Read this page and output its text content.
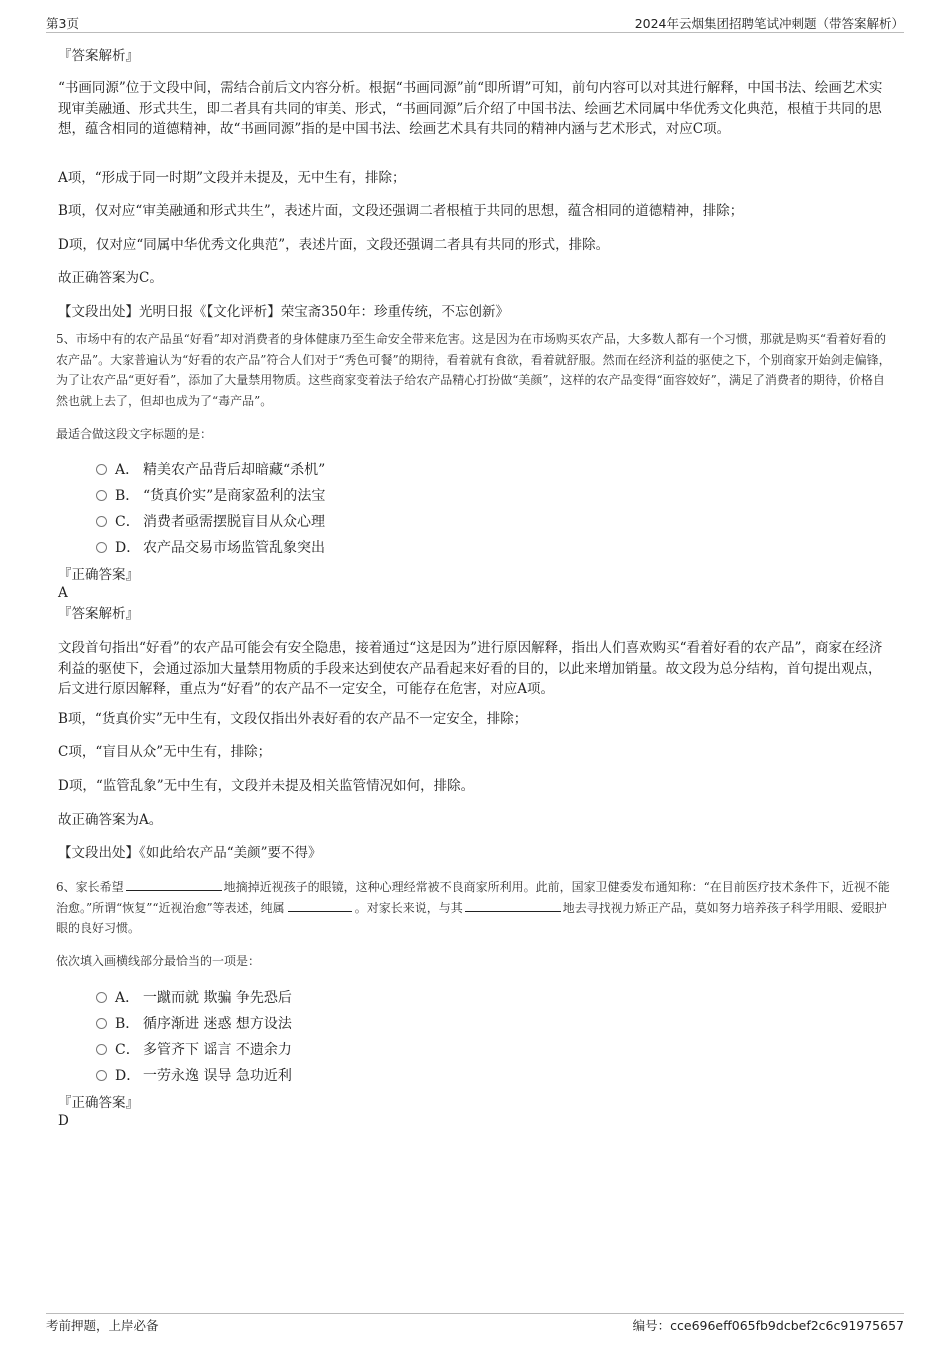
第3页	2024年云烟集团招聘笔试冲刺题（带答案解析）

『答案解析』

“书画同源”位于文段中间，需结合前后文内容分析。根据“书画同源”前“即所谓”可知，前句内容可以对其进行解释，中国书法、绘画艺术实现审美融通、形式共生，即二者具有共同的审美、形式，“书画同源”后介绍了中国书法、绘画艺术同属中华优秀文化典范，根植于共同的思想，蕴含相同的道德精神，故“书画同源”指的是中国书法、绘画艺术具有共同的精神内涵与艺术形式，对应C项。

A项，“形成于同一时期”文段并未提及，无中生有，排除；

B项，仅对应“审美融通和形式共生”，表述片面，文段还强调二者根植于共同的思想，蕴含相同的道德精神，排除；

D项，仅对应“同属中华优秀文化典范”，表述片面，文段还强调二者具有共同的形式，排除。

故正确答案为C。

【文段出处】光明日报《【文化评析】荣宝斋350年：珍重传统，不忘创新》

5、市场中有的农产品虽“好看”却对消费者的身体健康乃至生命安全带来危害。这是因为在市场购买农产品，大多数人都有一个习惯，那就是购买“看着好看的农产品”。大家普遍认为“好看的农产品”符合人们对于“秀色可餐”的期待，看着就有食欲，看着就舒服。然而在经济利益的驱使之下，个别商家开始剑走偏锋，为了让农产品“更好看”，添加了大量禁用物质。这些商家变着法子给农产品精心打扮做“美颜”，这样的农产品变得“面容姣好”，满足了消费者的期待，价格自然也就上去了，但却也成为了“毒产品”。

最适合做这段文字标题的是：

A． 精美农产品背后却暗藏“杀机”
B． “货真价实”是商家盈利的法宝
C． 消费者亟需摆脱盲目从众心理
D． 农产品交易市场监管乱象突出

『正确答案』

A

『答案解析』

文段首句指出“好看”的农产品可能会有安全隐患，接着通过“这是因为”进行原因解释，指出人们喜欢购买“看着好看的农产品”，商家在经济利益的驱使下，会通过添加大量禁用物质的手段来达到使农产品看起来好看的目的，以此来增加销量。故文段为总分结构，首句提出观点，后文进行原因解释，重点为“好看”的农产品不一定安全，可能存在危害，对应A项。

B项，“货真价实”无中生有，文段仅指出外表好看的农产品不一定安全，排除；

C项，“盲目从众”无中生有，排除；

D项，“监管乱象”无中生有，文段并未提及相关监管情况如何，排除。

故正确答案为A。

【文段出处】《如此给农产品“美颜”要不得》

6、家长希望	地摘掉近视孩子的眼镜，这种心理经常被不良商家所利用。此前，国家卫健委发布通知称：“在目前医疗技术条件下，近视不能治愈。”所谓“恢复”“近视治愈”等表述，纯属	。对家长来说，与其	地去寻找视力矫正产品，莫如努力培养孩子科学用眼、爱眼护眼的良好习惯。

依次填入画横线部分最恰当的一项是：

A． 一蹴而就 欺骗 争先恐后
B． 循序渐进 迷惑 想方设法
C． 多管齐下 谣言 不遗余力
D． 一劳永逸 误导 急功近利

『正确答案』

D

考前押题，上岸必备	编号：cce696eff065fb9dcbef2c6c91975657
